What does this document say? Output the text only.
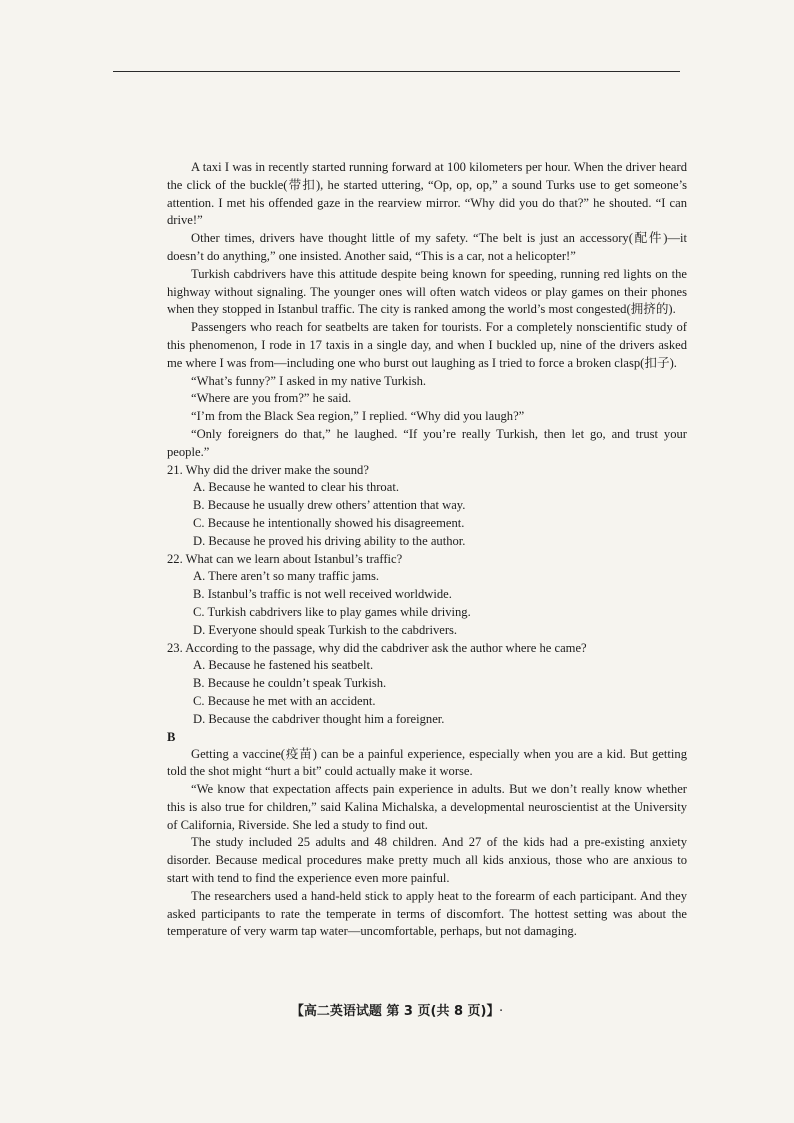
A taxi I was in recently started running forward at 100 kilometers per hour. When the driver heard the click of the buckle(带扣), he started uttering, “Op, op, op,” a sound Turks use to get someone’s attention. I met his offended gaze in the rearview mirror. “Why did you do that?” he shouted. “I can drive!”

Other times, drivers have thought little of my safety. “The belt is just an accessory(配件)—it doesn’t do anything,” one insisted. Another said, “This is a car, not a helicopter!”

Turkish cabdrivers have this attitude despite being known for speeding, running red lights on the highway without signaling. The younger ones will often watch videos or play games on their phones when they stopped in Istanbul traffic. The city is ranked among the world’s most congested(拥挤的).

Passengers who reach for seatbelts are taken for tourists. For a completely nonscientific study of this phenomenon, I rode in 17 taxis in a single day, and when I buckled up, nine of the drivers asked me where I was from—including one who burst out laughing as I tried to force a broken clasp(扣子).

“What’s funny?” I asked in my native Turkish.

“Where are you from?” he said.

“I’m from the Black Sea region,” I replied. “Why did you laugh?”

“Only foreigners do that,” he laughed. “If you’re really Turkish, then let go, and trust your people.”

21. Why did the driver make the sound?

A. Because he wanted to clear his throat.
B. Because he usually drew others’ attention that way.
C. Because he intentionally showed his disagreement.
D. Because he proved his driving ability to the author.

22. What can we learn about Istanbul’s traffic?

A. There aren’t so many traffic jams.
B. Istanbul’s traffic is not well received worldwide.
C. Turkish cabdrivers like to play games while driving.
D. Everyone should speak Turkish to the cabdrivers.

23. According to the passage, why did the cabdriver ask the author where he came?

A. Because he fastened his seatbelt.
B. Because he couldn’t speak Turkish.
C. Because he met with an accident.
D. Because the cabdriver thought him a foreigner.

B

Getting a vaccine(疫苗) can be a painful experience, especially when you are a kid. But getting told the shot might “hurt a bit” could actually make it worse.

“We know that expectation affects pain experience in adults. But we don’t really know whether this is also true for children,” said Kalina Michalska, a developmental neuroscientist at the University of California, Riverside. She led a study to find out.

The study included 25 adults and 48 children. And 27 of the kids had a pre-existing anxiety disorder. Because medical procedures make pretty much all kids anxious, those who are anxious to start with tend to find the experience even more painful.

The researchers used a hand-held stick to apply heat to the forearm of each participant. And they asked participants to rate the temperate in terms of discomfort. The hottest setting was about the temperature of very warm tap water—uncomfortable, perhaps, but not damaging.

【高二英语试题 第 3 页(共 8 页)】 ·
